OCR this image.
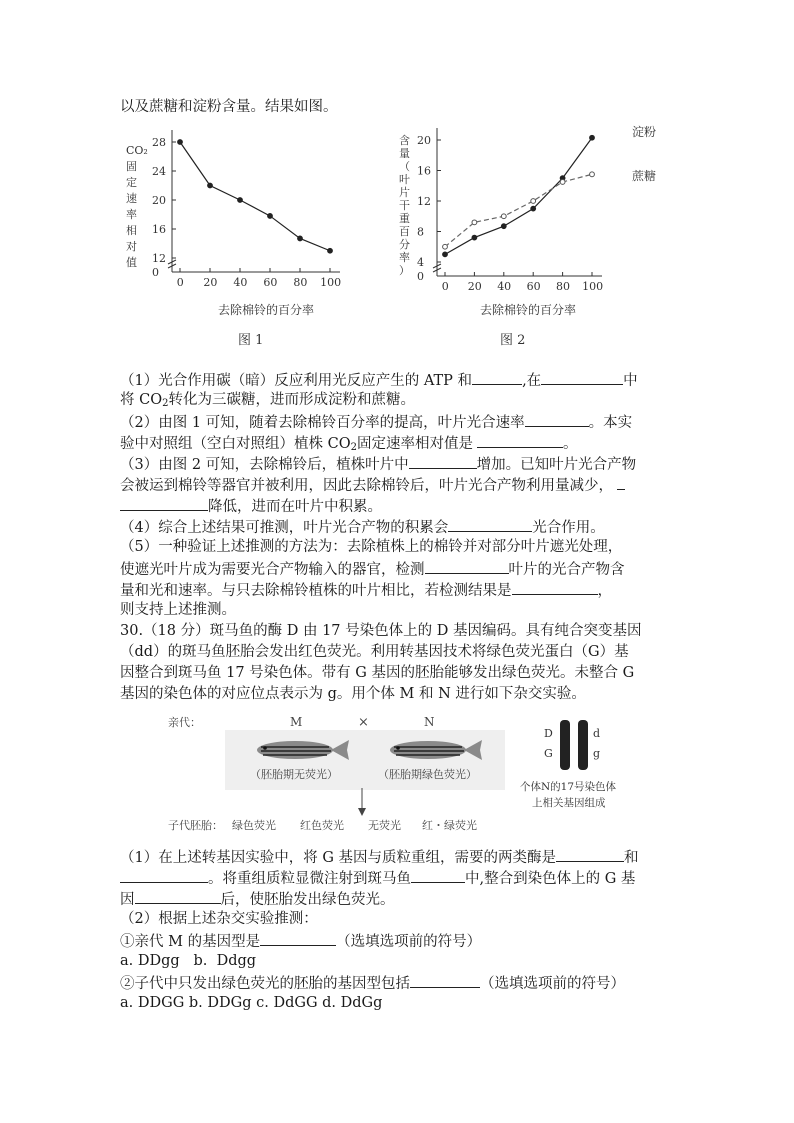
以及蔗糖和淀粉含量。结果如图。
CO₂
固
定
速
率
相
对
值
0 20 40 60 80 100
28
24
20
16
12
0
去除棉铃的百分率
图 1
含
量
（
叶
片
干
重
百
分
率
）
0 20 40 60 80 100
20
16
12
8
4
0
淀粉
蔗糖
去除棉铃的百分率
图 2
（1）光合作用碳（暗）反应利用光反应产生的 ATP 和	,在	中
将 $CO_2$转化为三碳糖，进而形成淀粉和蔗糖。
（2）由图 1 可知，随着去除棉铃百分率的提高，叶片光合速率	。本实
验中对照组（空白对照组）植株 $CO_2$固定速率相对值是	。
（3）由图 2 可知，去除棉铃后，植株叶片中	增加。已知叶片光合产物
会被运到棉铃等器官并被利用，因此去除棉铃后，叶片光合产物利用量减少，
降低，进而在叶片中积累。
（4）综合上述结果可推测，叶片光合产物的积累会	光合作用。
（5）一种验证上述推测的方法为：去除植株上的棉铃并对部分叶片遮光处理，
使遮光叶片成为需要光合产物输入的器官，检测	叶片的光合产物含
量和光和速率。与只去除棉铃植株的叶片相比，若检测结果是	，
则支持上述推测。
30.（18 分）斑马鱼的酶 D 由 17 号染色体上的 D 基因编码。具有纯合突变基因
（dd）的斑马鱼胚胎会发出红色荧光。利用转基因技术将绿色荧光蛋白（G）基
因整合到斑马鱼 17 号染色体。带有 G 基因的胚胎能够发出绿色荧光。未整合 G
基因的染色体的对应位点表示为 g。用个体 M 和 N 进行如下杂交实验。
亲代：	M	×	N
（胚胎期无荧光）	（胚胎期绿色荧光）
子代胚胎： 绿色荧光 红色荧光 无荧光 红・绿荧光
D
G
d
g
个体N的17号染色体
上相关基因组成
（1）在上述转基因实验中，将 G 基因与质粒重组，需要的两类酶是	和
。将重组质粒显微注射到斑马鱼	中,整合到染色体上的 G 基
因	后，使胚胎发出绿色荧光。
（2）根据上述杂交实验推测：
①亲代 M 的基因型是	（选填选项前的符号）
a. DDgg   b.  Ddgg
②子代中只发出绿色荧光的胚胎的基因型包括	（选填选项前的符号）
a. DDGG b. DDGg c. DdGG d. DdGg
